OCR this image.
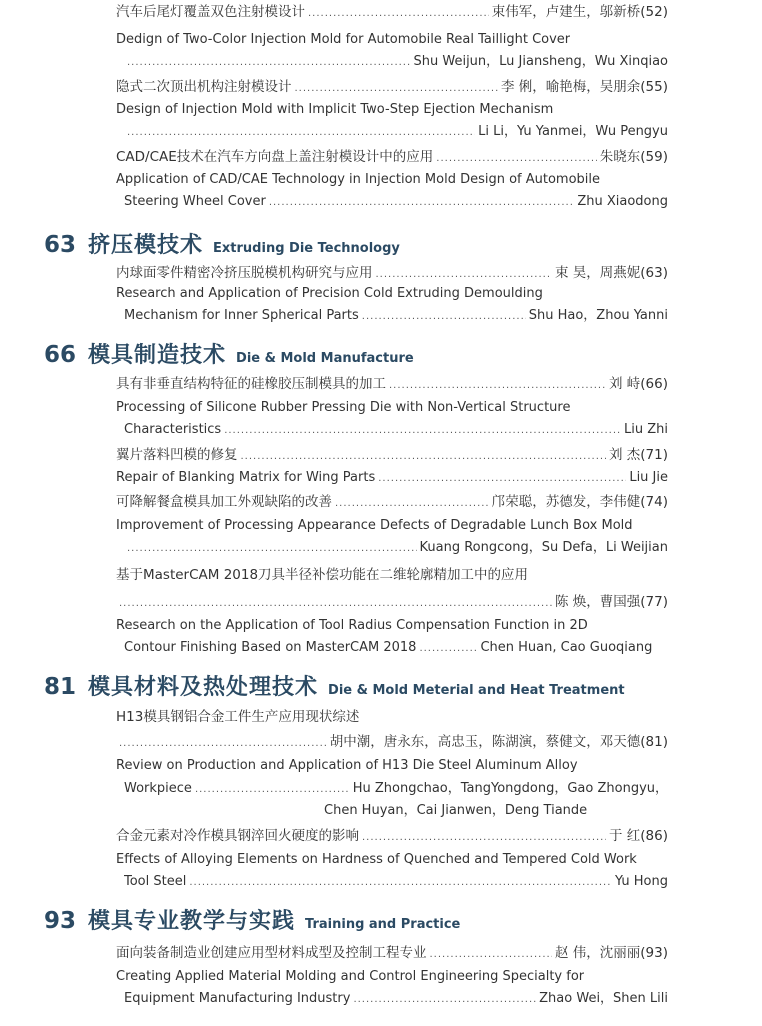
汽车后尾灯覆盖双色注射模设计 .....	束伟军，卢建生，邬新桥(52)
Dedign of Two-Color Injection Mold for Automobile Real Taillight Cover
.....
Shu Weijun，Lu Jiansheng，Wu Xinqiao
隐式二次顶出机构注射模设计 .....	李 俐，喻艳梅，吴朋余(55)
Design of Injection Mold with Implicit Two-Step Ejection Mechanism
.....
Li Li，Yu Yanmei，Wu Pengyu
CAD/CAE技术在汽车方向盘上盖注射模设计中的应用 .....	朱晓东(59)
Application of CAD/CAE Technology in Injection Mold Design of Automobile
Steering Wheel Cover .....	Zhu Xiaodong
63 挤压模技术 Extruding Die Technology
内球面零件精密冷挤压脱模机构研究与应用 .....	束 昊，周燕妮(63)
Research and Application of Precision Cold Extruding Demoulding
Mechanism for Inner Spherical Parts .....	Shu Hao，Zhou Yanni
66 模具制造技术 Die & Mold Manufacture
具有非垂直结构特征的硅橡胶压制模具的加工 .....	刘 峙(66)
Processing of Silicone Rubber Pressing Die with Non-Vertical Structure
Characteristics .....	Liu Zhi
翼片落料凹模的修复 .....	刘 杰(71)
Repair of Blanking Matrix for Wing Parts .....	Liu Jie
可降解餐盒模具加工外观缺陷的改善 .....	邝荣聪，苏德发，李伟健(74)
Improvement of Processing Appearance Defects of Degradable Lunch Box Mold
.....
Kuang Rongcong，Su Defa，Li Weijian
基于MasterCAM 2018刀具半径补偿功能在二维轮廓精加工中的应用
.....
陈 焕，曹国强(77)
Research on the Application of Tool Radius Compensation Function in 2D
Contour Finishing Based on MasterCAM 2018 .....	Chen Huan, Cao Guoqiang
81 模具材料及热处理技术 Die & Mold Meterial and Heat Treatment
H13模具钢铝合金工件生产应用现状综述
.....
胡中潮，唐永东，高忠玉，陈湖演，蔡健文，邓天德(81)
Review on Production and Application of H13 Die Steel Aluminum Alloy
Workpiece .....	Hu Zhongchao，TangYongdong，Gao Zhongyu，
Chen Huyan，Cai Jianwen，Deng Tiande
合金元素对冷作模具钢淬回火硬度的影响 .....	于 红(86)
Effects of Alloying Elements on Hardness of Quenched and Tempered Cold Work
Tool Steel .....	Yu Hong
93 模具专业教学与实践 Training and Practice
面向装备制造业创建应用型材料成型及控制工程专业 .....	赵 伟，沈丽丽(93)
Creating Applied Material Molding and Control Engineering Specialty for
Equipment Manufacturing Industry .....	Zhao Wei，Shen Lili
